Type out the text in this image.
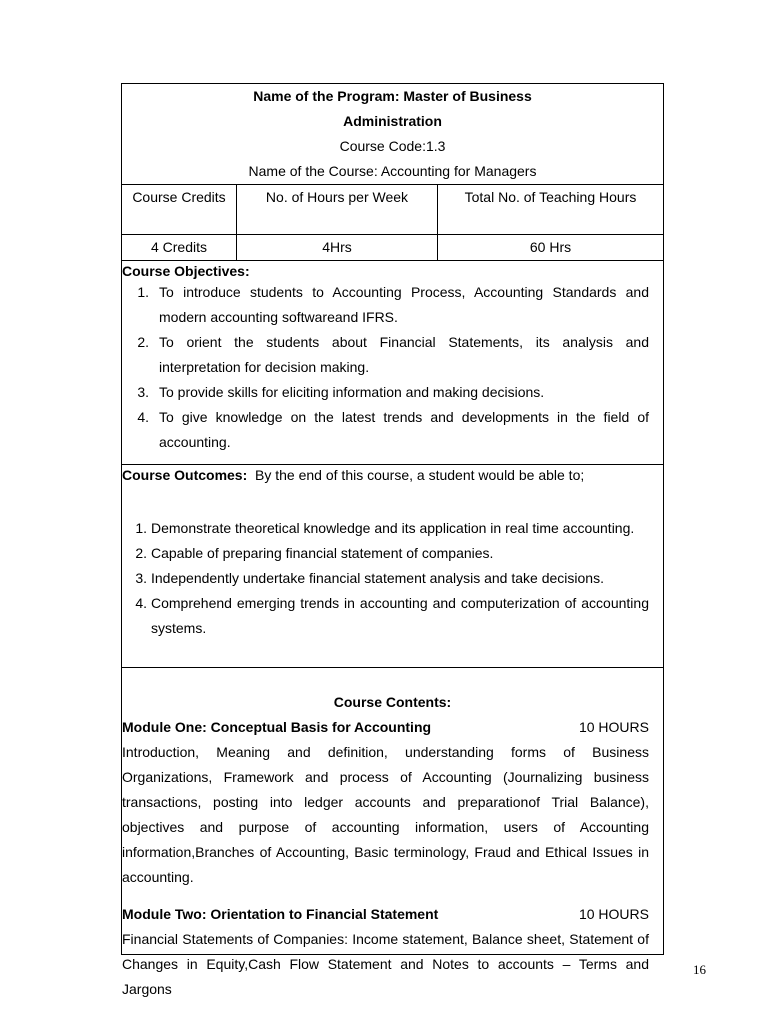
Name of the Program: Master of Business
Administration
Course Code:1.3
Name of the Course: Accounting for Managers
Course Credits	No. of Hours per Week	Total No. of Teaching Hours
4 Credits	4Hrs	60 Hrs
Course Objectives:
1. To introduce students to Accounting Process, Accounting Standards and modern accounting softwareand IFRS.
2. To orient the students about Financial Statements, its analysis and interpretation for decision making.
3. To provide skills for eliciting information and making decisions.
4. To give knowledge on the latest trends and developments in the field of accounting.
Course Outcomes: By the end of this course, a student would be able to;
1. Demonstrate theoretical knowledge and its application in real time accounting.
2. Capable of preparing financial statement of companies.
3. Independently undertake financial statement analysis and take decisions.
4. Comprehend emerging trends in accounting and computerization of accounting systems.
Course Contents:
Module One: Conceptual Basis for Accounting	10 HOURS
Introduction, Meaning and definition, understanding forms of Business Organizations, Framework and process of Accounting (Journalizing business transactions, posting into ledger accounts and preparationof Trial Balance), objectives and purpose of accounting information, users of Accounting information,Branches of Accounting, Basic terminology, Fraud and Ethical Issues in accounting.
Module Two: Orientation to Financial Statement	10 HOURS
Financial Statements of Companies: Income statement, Balance sheet, Statement of Changes in Equity,Cash Flow Statement and Notes to accounts – Terms and Jargons
16
